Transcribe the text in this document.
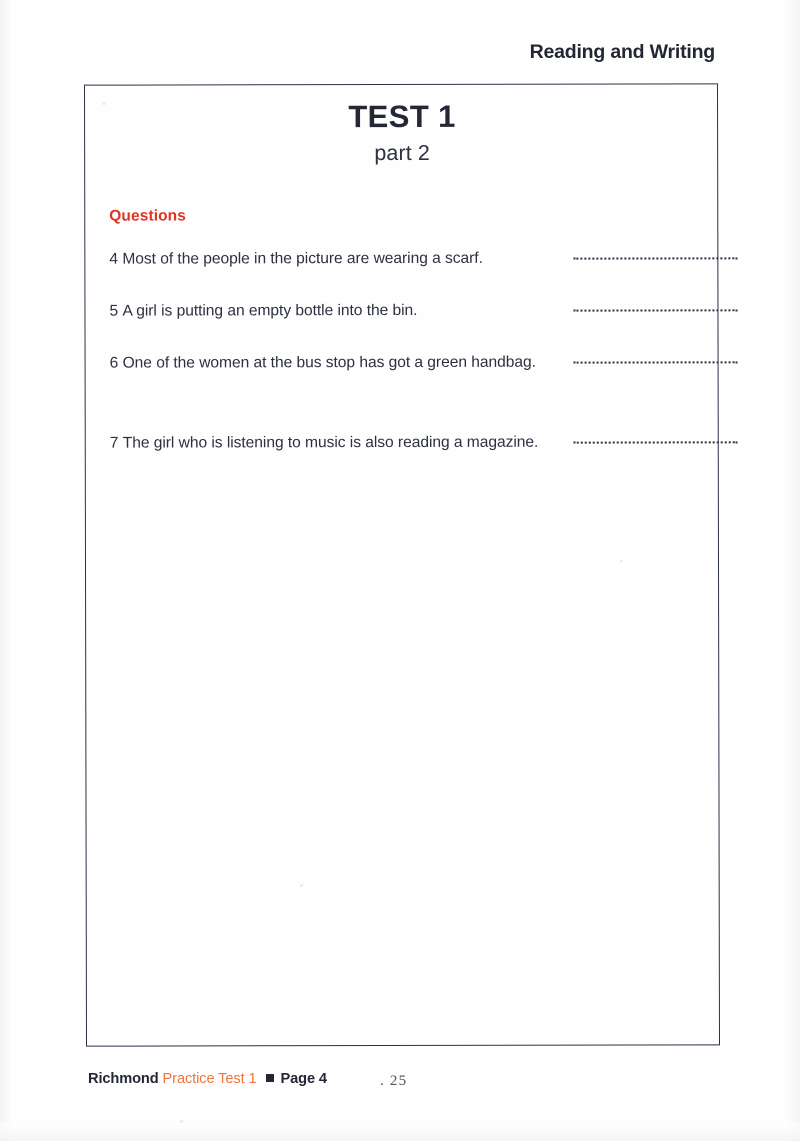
Reading and Writing
TEST 1
part 2
Questions
4 Most of the people in the picture are wearing a scarf.
5 A girl is putting an empty bottle into the bin.
6 One of the women at the bus stop has got a green handbag.
7 The girl who is listening to music is also reading a magazine.
Richmond Practice Test 1 Page 4	. 25
